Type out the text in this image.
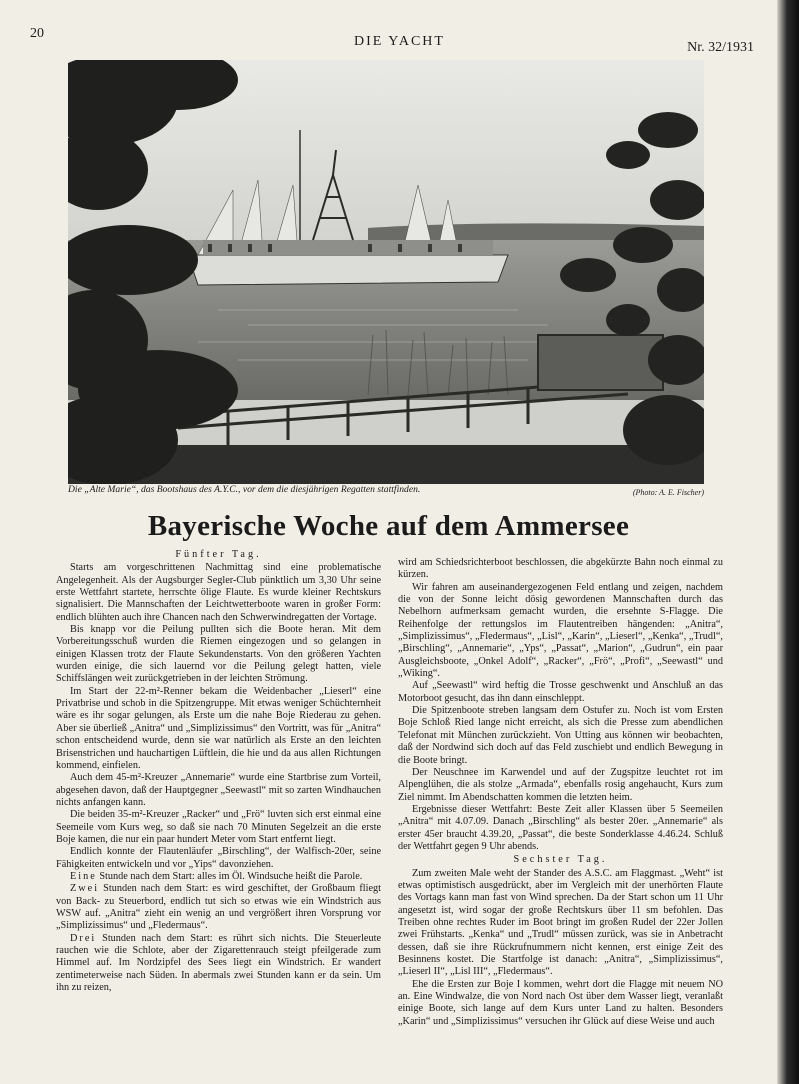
20
DIE YACHT	Nr. 32/1931
Die „Alte Marie“, das Bootshaus des A.Y.C., vor dem die diesjährigen Regatten stattfinden.	(Photo: A. E. Fischer)
Bayerische Woche auf dem Ammersee

Fünfter Tag.

Starts am vorgeschrittenen Nachmittag sind eine problematische Angelegenheit. Als der Augsburger Segler-Club pünktlich um 3,30 Uhr seine erste Wettfahrt startete, herrschte ölige Flaute. Es wurde kleiner Rechtskurs signalisiert. Die Mannschaften der Leichtwetterboote waren in großer Form: endlich blühten auch ihre Chancen nach den Schwerwindregatten der Vortage.

Bis knapp vor die Peilung pullten sich die Boote heran. Mit dem Vorbereitungsschuß wurden die Riemen eingezogen und so gelangen in einigen Klassen trotz der Flaute Sekundenstarts. Von den größeren Yachten wurden einige, die sich lauernd vor die Peilung gelegt hatten, viele Schiffslängen weit zurückgetrieben in der leichten Strömung.

Im Start der 22-m²-Renner bekam die Weidenbacher „Lieserl“ eine Privatbrise und schob in die Spitzengruppe. Mit etwas weniger Schüchternheit wäre es ihr sogar gelungen, als Erste um die nahe Boje Riederau zu gehen. Aber sie überließ „Anitra“ und „Simplizissimus“ den Vortritt, was für „Anitra“ schon entscheidend wurde, denn sie war natürlich als Erste an den leichten Brisenstrichen und hauchartigen Lüftlein, die hie und da aus allen Richtungen kommend, einfielen.

Auch dem 45-m²-Kreuzer „Annemarie“ wurde eine Startbrise zum Vorteil, abgesehen davon, daß der Hauptgegner „Seewastl“ mit so zarten Windhauchen nichts anfangen kann.

Die beiden 35-m²-Kreuzer „Racker“ und „Frö“ luvten sich erst einmal eine Seemeile vom Kurs weg, so daß sie nach 70 Minuten Segelzeit an die erste Boje kamen, die nur ein paar hundert Meter vom Start entfernt liegt.

Endlich konnte der Flautenläufer „Birschling“, der Walfisch-20er, seine Fähigkeiten entwickeln und vor „Yips“ davonziehen.

Eine Stunde nach dem Start: alles im Öl. Windsuche heißt die Parole.

Zwei Stunden nach dem Start: es wird geschiftet, der Großbaum fliegt von Back- zu Steuerbord, endlich tut sich so etwas wie ein Windstrich aus WSW auf. „Anitra“ zieht ein wenig an und vergrößert ihren Vorsprung vor „Simplizissimus“ und „Fledermaus“.

Drei Stunden nach dem Start: es rührt sich nichts. Die Steuerleute rauchen wie die Schlote, aber der Zigarettenrauch steigt pfeilgerade zum Himmel auf. Im Nordzipfel des Sees liegt ein Windstrich. Er wandert zentimeterweise nach Süden. In abermals zwei Stunden kann er da sein. Um ihn zu reizen,

wird am Schiedsrichterboot beschlossen, die abgekürzte Bahn noch einmal zu kürzen.

Wir fahren am auseinandergezogenen Feld entlang und zeigen, nachdem die von der Sonne leicht dösig gewordenen Mannschaften durch das Nebelhorn aufmerksam gemacht wurden, die ersehnte S-Flagge. Die Reihenfolge der rettungslos im Flautentreiben hängenden: „Anitra“, „Simplizissimus“, „Fledermaus“, „Lisl“, „Karin“, „Lieserl“, „Kenka“, „Trudl“, „Birschling“, „Annemarie“, „Yps“, „Passat“, „Marion“, „Gudrun“, ein paar Ausgleichsboote, „Onkel Adolf“, „Racker“, „Frö“, „Profi“, „Seewastl“ und „Wiking“.

Auf „Seewastl“ wird heftig die Trosse geschwenkt und Anschluß an das Motorboot gesucht, das ihn dann einschleppt.

Die Spitzenboote streben langsam dem Ostufer zu. Noch ist vom Ersten Boje Schloß Ried lange nicht erreicht, als sich die Presse zum abendlichen Telefonat mit München zurückzieht. Von Utting aus können wir beobachten, daß der Nordwind sich doch auf das Feld zuschiebt und endlich Bewegung in die Boote bringt.

Der Neuschnee im Karwendel und auf der Zugspitze leuchtet rot im Alpenglühen, die als stolze „Armada“, ebenfalls rosig angehaucht, Kurs zum Ziel nimmt. Im Abendschatten kommen die letzten heim.

Ergebnisse dieser Wettfahrt: Beste Zeit aller Klassen über 5 Seemeilen „Anitra“ mit 4.07.09. Danach „Birschling“ als bester 20er. „Annemarie“ als erster 45er braucht 4.39.20, „Passat“, die beste Sonderklasse 4.46.24. Schluß der Wettfahrt gegen 9 Uhr abends.

Sechster Tag.

Zum zweiten Male weht der Stander des A.S.C. am Flaggmast. „Weht“ ist etwas optimistisch ausgedrückt, aber im Vergleich mit der unerhörten Flaute des Vortags kann man fast von Wind sprechen. Da der Start schon um 11 Uhr angesetzt ist, wird sogar der große Rechtskurs über 11 sm befohlen. Das Treiben ohne rechtes Ruder im Boot bringt im großen Rudel der 22er Jollen zwei Frühstarts. „Kenka“ und „Trudl“ müssen zurück, was sie in Anbetracht dessen, daß sie ihre Rückrufnummern nicht kennen, erst einige Zeit des Besinnens kostet. Die Startfolge ist danach: „Anitra“, „Simplizissimus“, „Lieserl II“, „Lisl III“, „Fledermaus“.

Ehe die Ersten zur Boje I kommen, wehrt dort die Flagge mit neuem NO an. Eine Windwalze, die von Nord nach Ost über dem Wasser liegt, veranlaßt einige Boote, sich lange auf dem Kurs unter Land zu halten. Besonders „Karin“ und „Simplizissimus“ versuchen ihr Glück auf diese Weise und auch
